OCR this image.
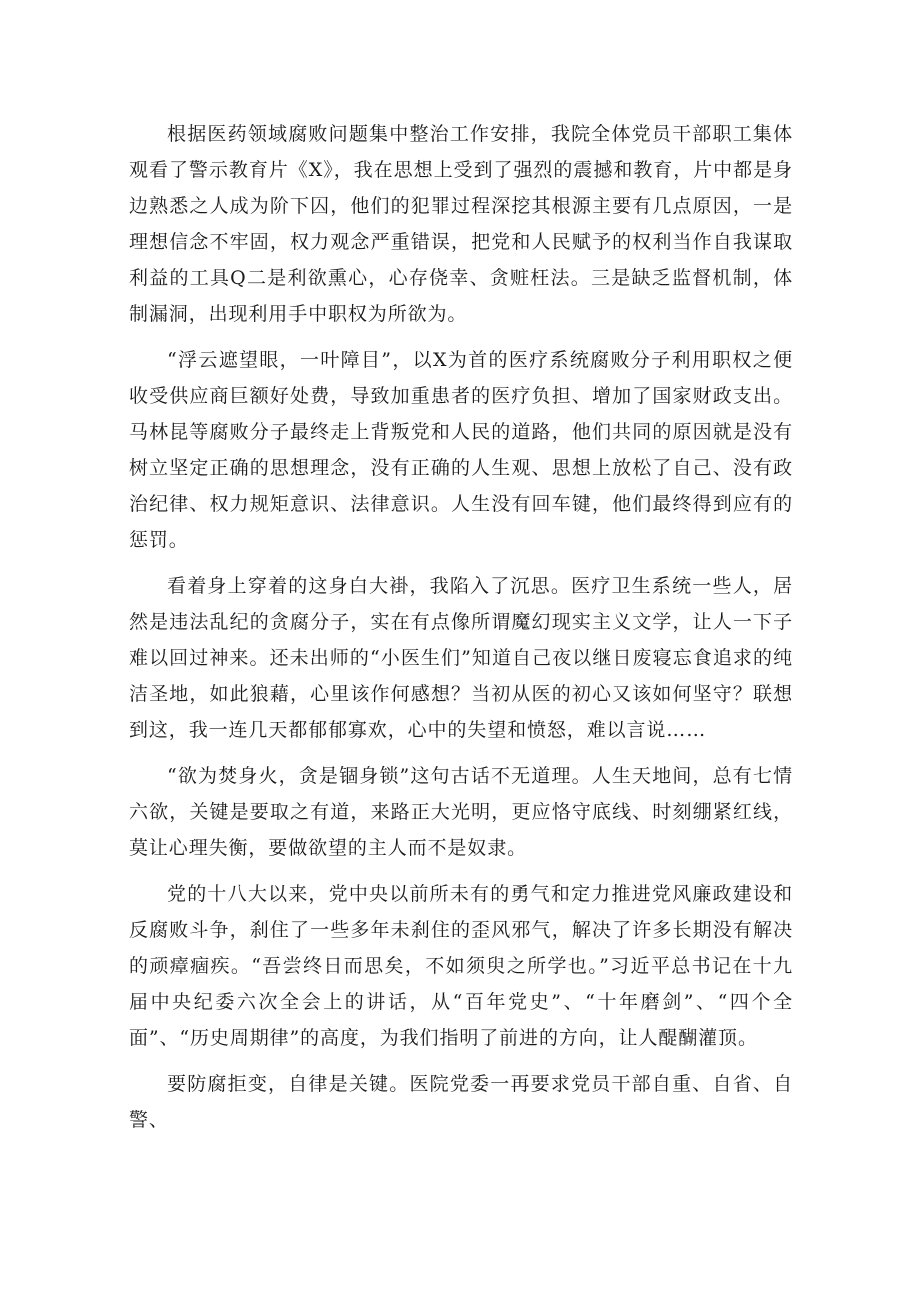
根据医药领域腐败问题集中整治工作安排，我院全体党员干部职工集体观看了警示教育片《X》，我在思想上受到了强烈的震撼和教育，片中都是身边熟悉之人成为阶下囚，他们的犯罪过程深挖其根源主要有几点原因，一是理想信念不牢固，权力观念严重错误，把党和人民赋予的权利当作自我谋取利益的工具Q二是利欲熏心，心存侥幸、贪赃枉法。三是缺乏监督机制，体制漏洞，出现利用手中职权为所欲为。

“浮云遮望眼，一叶障目”，以X为首的医疗系统腐败分子利用职权之便收受供应商巨额好处费，导致加重患者的医疗负担、增加了国家财政支出。马林昆等腐败分子最终走上背叛党和人民的道路，他们共同的原因就是没有树立坚定正确的思想理念，没有正确的人生观、思想上放松了自己、没有政治纪律、权力规矩意识、法律意识。人生没有回车键，他们最终得到应有的惩罚。

看着身上穿着的这身白大褂，我陷入了沉思。医疗卫生系统一些人，居然是违法乱纪的贪腐分子，实在有点像所谓魔幻现实主义文学，让人一下子难以回过神来。还未出师的“小医生们”知道自己夜以继日废寝忘食追求的纯洁圣地，如此狼藉，心里该作何感想？当初从医的初心又该如何坚守？联想到这，我一连几天都郁郁寡欢，心中的失望和愤怒，难以言说……

“欲为焚身火，贪是锢身锁”这句古话不无道理。人生天地间，总有七情六欲，关键是要取之有道，来路正大光明，更应恪守底线、时刻绷紧红线，莫让心理失衡，要做欲望的主人而不是奴隶。

党的十八大以来，党中央以前所未有的勇气和定力推进党风廉政建设和反腐败斗争，刹住了一些多年未刹住的歪风邪气，解决了许多长期没有解决的顽瘴痼疾。“吾尝终日而思矣，不如须臾之所学也。”习近平总书记在十九届中央纪委六次全会上的讲话，从“百年党史”、“十年磨剑”、“四个全面”、“历史周期律”的高度，为我们指明了前进的方向，让人醍醐灌顶。

要防腐拒变，自律是关键。医院党委一再要求党员干部自重、自省、自警、
